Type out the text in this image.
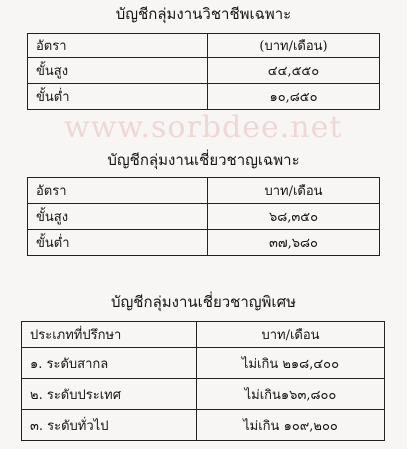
www.sorbdee.net
บัญชีกลุ่มงานวิชาชีพเฉพาะ
อัตรา	(บาท/เดือน)
ขั้นสูง	๔๔,๕๕๐
ขั้นต่ำ	๑๐,๘๕๐
บัญชีกลุ่มงานเชี่ยวชาญเฉพาะ
อัตรา	บาท/เดือน
ขั้นสูง	๖๘,๓๕๐
ขั้นต่ำ	๓๗,๖๘๐
บัญชีกลุ่มงานเชี่ยวชาญพิเศษ
ประเภทที่ปรึกษา	บาท/เดือน
๑. ระดับสากล	ไม่เกิน ๒๑๘,๔๐๐
๒. ระดับประเทศ	ไม่เกิน๑๖๓,๘๐๐
๓. ระดับทั่วไป	ไม่เกิน ๑๐๙,๒๐๐
